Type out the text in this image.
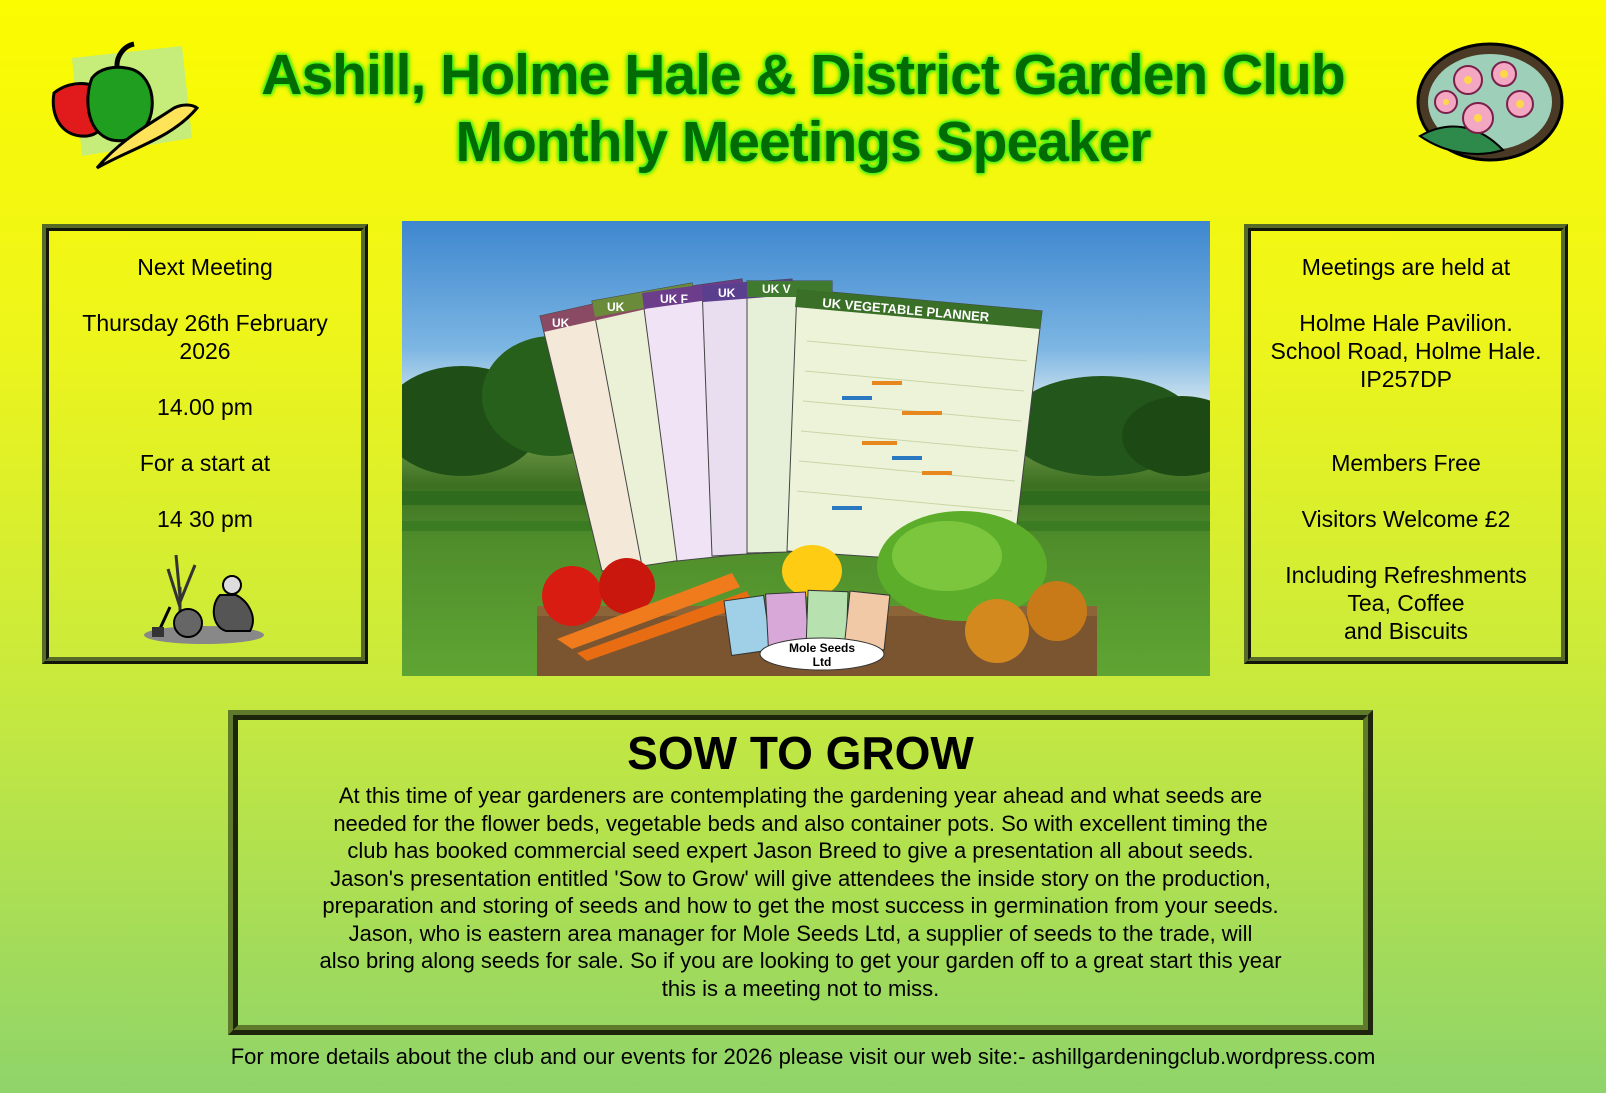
Ashill, Holme Hale & District Garden Club
Monthly Meetings Speaker

Next Meeting

Thursday 26th February

2026

14.00 pm

For a start at

14 30 pm

UK
UK
UK F	UK UK V
UK VEGETABLE PLANNER
Mole Seeds
Ltd

Meetings are held at

Holme Hale Pavilion.

School Road, Holme Hale.

IP257DP

Members Free

Visitors Welcome £2

Including Refreshments

Tea, Coffee

and Biscuits

SOW TO GROW
At this time of year gardeners are contemplating the gardening year ahead and what seeds are
needed for the flower beds, vegetable beds and also container pots. So with excellent timing the
club has booked commercial seed expert Jason Breed to give a presentation all about seeds.
Jason's presentation entitled 'Sow to Grow' will give attendees the inside story on the production,
preparation and storing of seeds and how to get the most success in germination from your seeds.
Jason, who is eastern area manager for Mole Seeds Ltd, a supplier of seeds to the trade, will
also bring along seeds for sale. So if you are looking to get your garden off to a great start this year
this is a meeting not to miss.
For more details about the club and our events for 2026 please visit our web site:- ashillgardeningclub.wordpress.com
